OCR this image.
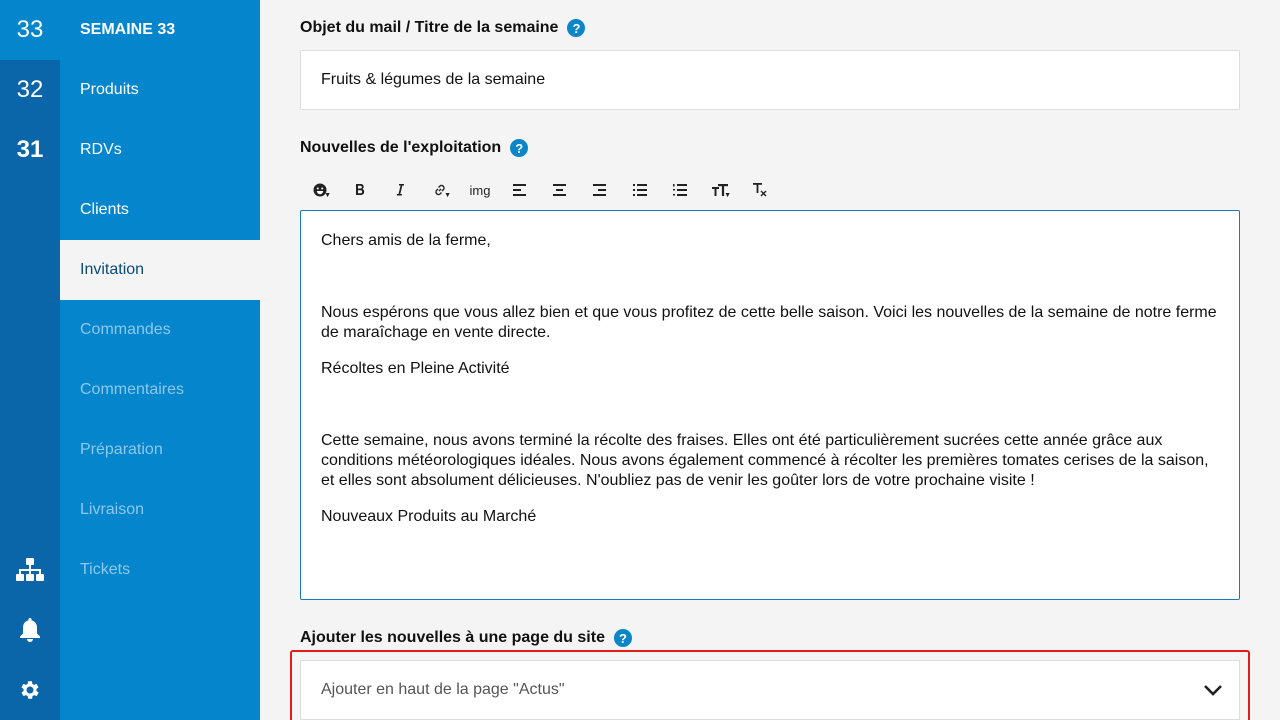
33
32
31
SEMAINE 33
Produits
RDVs
Clients
Invitation
Commandes
Commentaires
Préparation
Livraison
Tickets
Objet du mail / Titre de la semaine	?
Fruits & légumes de la semaine
Nouvelles de l'exploitation	?
▼	▼ img	▼

Chers amis de la ferme,

Nous espérons que vous allez bien et que vous profitez de cette belle saison. Voici les nouvelles de la semaine de notre ferme de maraîchage en vente directe.

Récoltes en Pleine Activité

Cette semaine, nous avons terminé la récolte des fraises. Elles ont été particulièrement sucrées cette année grâce aux conditions météorologiques idéales. Nous avons également commencé à récolter les premières tomates cerises de la saison, et elles sont absolument délicieuses. N'oubliez pas de venir les goûter lors de votre prochaine visite !

Nouveaux Produits au Marché

Ajouter les nouvelles à une page du site	?
Ajouter en haut de la page "Actus"
